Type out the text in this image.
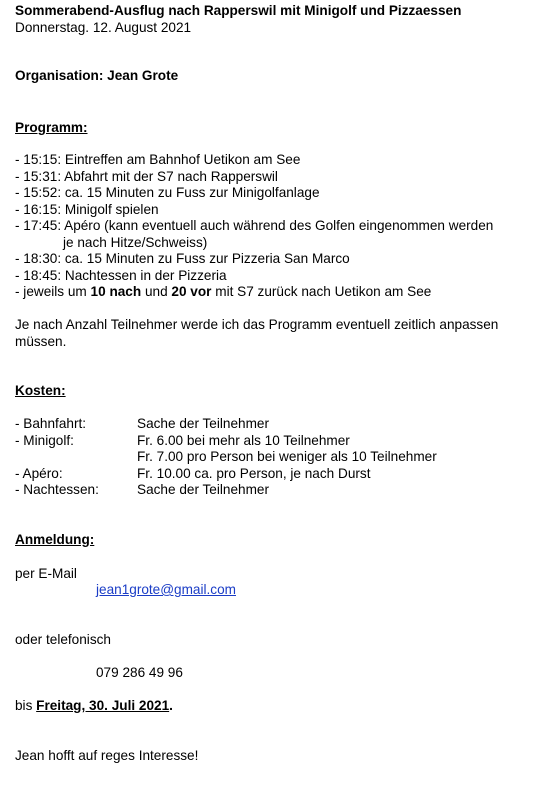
Sommerabend-Ausflug nach Rapperswil mit Minigolf und Pizzaessen
Donnerstag. 12. August 2021
Organisation: Jean Grote
Programm:
- 15:15: Eintreffen am Bahnhof Uetikon am See
- 15:31: Abfahrt mit der S7 nach Rapperswil
- 15:52: ca. 15 Minuten zu Fuss zur Minigolfanlage
- 16:15: Minigolf spielen
- 17:45: Apéro (kann eventuell auch während des Golfen eingenommen werden
je nach Hitze/Schweiss)
- 18:30: ca. 15 Minuten zu Fuss zur Pizzeria San Marco
- 18:45: Nachtessen in der Pizzeria
- jeweils um 10 nach und 20 vor mit S7 zurück nach Uetikon am See
Je nach Anzahl Teilnehmer werde ich das Programm eventuell zeitlich anpassen
müssen.
Kosten:
- Bahnfahrt:	Sache der Teilnehmer
- Minigolf:	Fr. 6.00 bei mehr als 10 Teilnehmer
Fr. 7.00 pro Person bei weniger als 10 Teilnehmer
- Apéro:	Fr. 10.00 ca. pro Person, je nach Durst
- Nachtessen:	Sache der Teilnehmer
Anmeldung:
per E-Mail
jean1grote@gmail.com
oder telefonisch
079 286 49 96
bis Freitag, 30. Juli 2021.
Jean hofft auf reges Interesse!
